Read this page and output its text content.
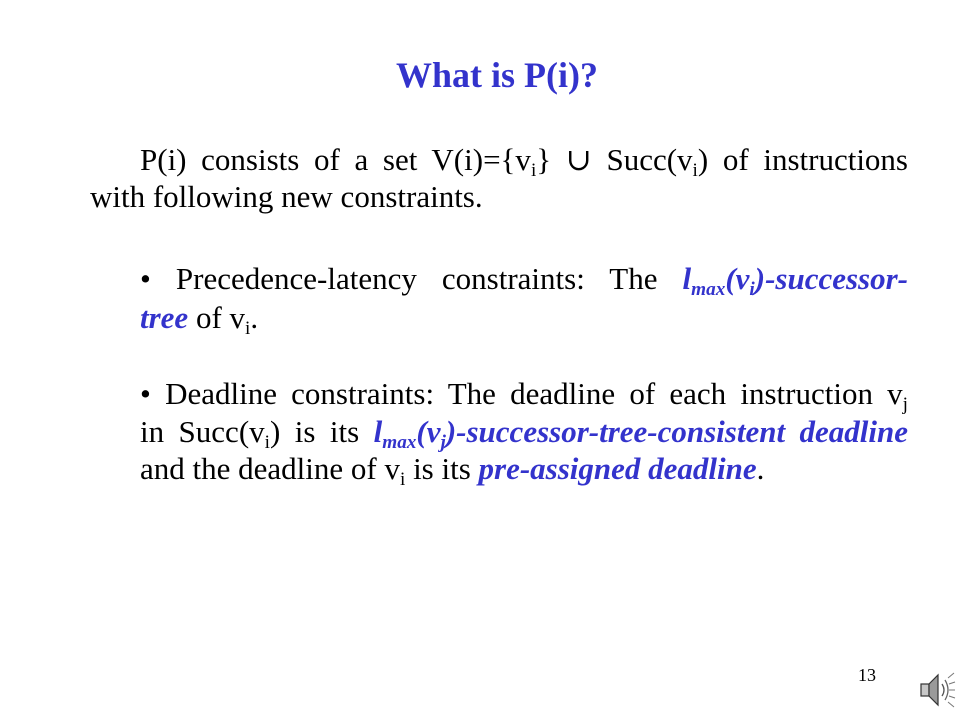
What is P(i)?
P(i) consists of a set $V(i)=\{v_i\}$ ∪ $Succ(v_i)$ of instructions
with following new constraints.
• Precedence-latency constraints: The $l_{max}(v_i)-successor-$
tree of $v_i$.
• Deadline constraints: The deadline of each instruction $v_j$
in $Succ(v_i)$ is its $l_{max}(v_j)-successor-tree$-consistent deadline
and the deadline of $v_i$ is its pre-assigned deadline.
13
